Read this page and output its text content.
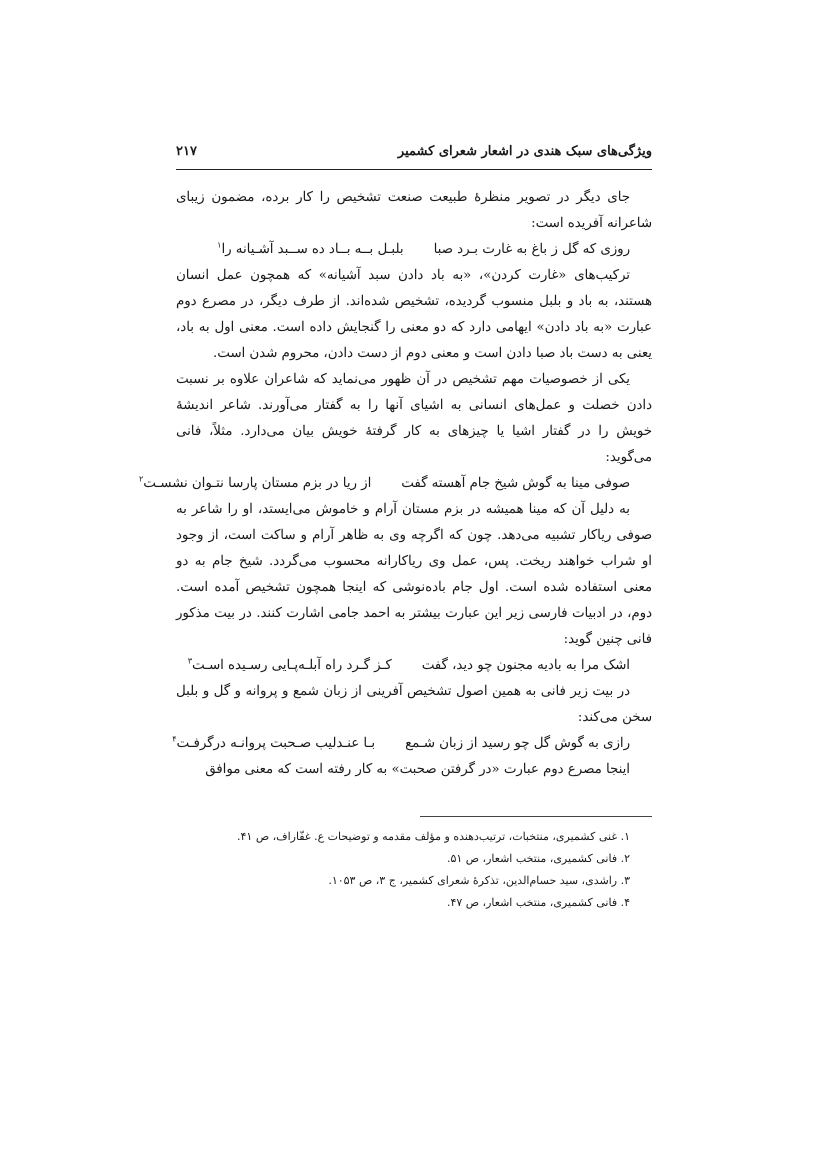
ویژگی‌های سبک هندی در اشعار شعرای کشمیر
۲۱۷

جای دیگر در تصویر منظرهٔ طبیعت صنعت تشخیص را کار برده، مضمون زیبای شاعرانه آفریده است:

روزی که گل ز باغ به غارت بـرد صبا
بلبـل بــه بــاد ده ســبد آشـیانه را$^۱$

ترکیب‌های «غارت کردن»، «به باد دادن سبد آشیانه» که همچون عمل انسان هستند، به باد و بلبل منسوب گردیده، تشخیص شده‌اند. از طرف دیگر، در مصرع دوم عبارت «به باد دادن» ایهامی دارد که دو معنی را گنجایش داده است. معنی اول به باد، یعنی به دست باد صبا دادن است و معنی دوم از دست دادن، محروم شدن است.

یکی از خصوصیات مهم تشخیص در آن ظهور می‌نماید که شاعران علاوه بر نسبت دادن خصلت و عمل‌های انسانی به اشیای آنها را به گفتار می‌آورند. شاعر اندیشهٔ خویش را در گفتار اشیا یا چیزهای به کار گرفتهٔ خویش بیان می‌دارد. مثلاً، فانی می‌گوید:

صوفی مینا به گوش شیخ جام آهسته گفت
از ریا در بزم مستان پارسا نتـوان نشسـت$^۲$

به دلیل آن که مینا همیشه در بزم مستان آرام و خاموش می‌ایستد، او را شاعر به صوفی ریاکار تشبیه می‌دهد. چون که اگرچه وی به ظاهر آرام و ساکت است، از وجود او شراب خواهند ریخت. پس، عمل وی ریاکارانه محسوب می‌گردد. شیخ جام به دو معنی استفاده شده است. اول جام باده‌نوشی که اینجا همچون تشخیص آمده است. دوم، در ادبیات فارسی زیر این عبارت بیشتر به احمد جامی اشارت کنند. در بیت مذکور فانی چنین گوید:

اشک مرا به بادیه مجنون چو دید، گفت
کـز گـرد راه آبلـه‌پـایی رسـیده اسـت$^۳$

در بیت زیر فانی به همین اصول تشخیص آفرینی از زبان شمع و پروانه و گل و بلبل سخن می‌کند:

رازی به گوش گل چو رسید از زبان شـمع
بـا عنـدلیب صـحبت پروانـه درگرفـت$^۴$

اینجا مصرع دوم عبارت «در گرفتن صحبت» به کار رفته است که معنی موافق

۱. غنی کشمیری، منتخبات، ترتیب‌دهنده و مؤلف مقدمه و توضیحات ع. غفّاراف، ص ۴۱.
۲. فانی کشمیری، منتخب اشعار، ص ۵۱.
۳. راشدی، سید حسام‌الدین، تذکرهٔ شعرای کشمیر، ج ۳، ص ۱۰۵۳.
۴. فانی کشمیری، منتخب اشعار، ص ۴۷.
